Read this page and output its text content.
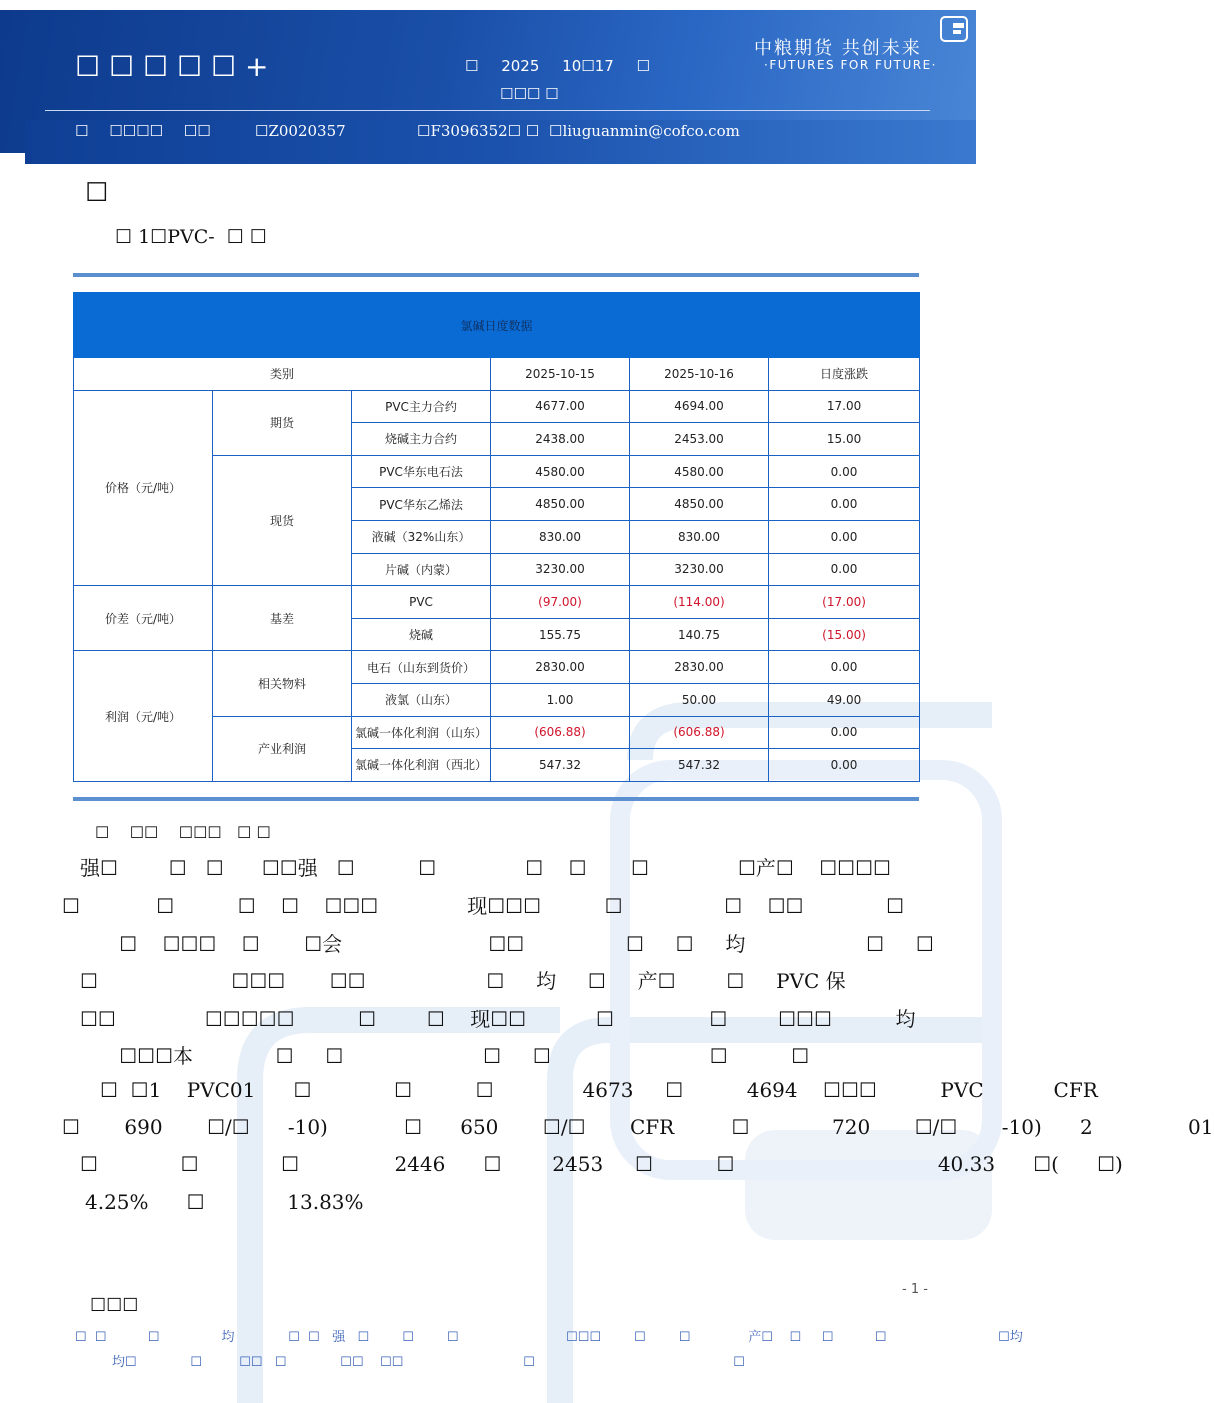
☐ ☐ ☐ ☐ ☐ +	☐ 2025 10☐17 ☐
☐☐☐ ☐
☐ ☐☐☐☐ ☐☐	☐Z0020357	☐F3096352☐ ☐ ☐liuguanmin@cofco.com
中粮期货 共创未来
·FUTURES FOR FUTURE·
☐
☐ 1☐PVC-  ☐ ☐
氯碱日度数据					
类别			2025-10-15	2025-10-16	日度涨跌
价格（元/吨）	期货	PVC主力合约	4677.00	4694.00	17.00
		烧碱主力合约	2438.00	2453.00	15.00
	现货	PVC华东电石法	4580.00	4580.00	0.00
		PVC华东乙烯法	4850.00	4850.00	0.00
		液碱（32%山东）	830.00	830.00	0.00
		片碱（内蒙）	3230.00	3230.00	0.00
价差（元/吨）	基差	PVC	(97.00)	(114.00)	(17.00)
		烧碱	155.75	140.75	(15.00)
利润（元/吨）	相关物料	电石（山东到货价）	2830.00	2830.00	0.00
		液氯（山东）	1.00	50.00	49.00
	产业利润	氯碱一体化利润（山东）	(606.88)	(606.88)	0.00
		氯碱一体化利润（西北）	547.32	547.32	0.00
☐    ☐☐    ☐☐☐   ☐ ☐
强☐        ☐   ☐      ☐☐强   ☐          ☐              ☐    ☐       ☐              ☐产☐    ☐☐☐☐
☐            ☐          ☐    ☐    ☐☐☐              现☐☐☐          ☐                ☐    ☐☐             ☐
☐    ☐☐☐    ☐       ☐会                       ☐☐                ☐     ☐     均                   ☐     ☐
☐                     ☐☐☐       ☐☐                   ☐     均     ☐     产☐        ☐     PVC 保
☐☐              ☐☐☐☐☐          ☐        ☐    现☐☐           ☐               ☐        ☐☐☐          均
☐☐☐本             ☐     ☐                      ☐     ☐                         ☐          ☐
☐  ☐1    PVC01      ☐             ☐          ☐              4673     ☐          4694    ☐☐☐          PVC           CFR
☐       690       ☐/☐      -10)            ☐      650       ☐/☐       CFR         ☐             720       ☐/☐       -10)      2               01
☐             ☐             ☐               2446      ☐        2453     ☐          ☐                                40.33      ☐(      ☐)
4.25%      ☐             13.83%
- 1 -
☐☐☐
☐  ☐          ☐               均             ☐  ☐   强   ☐        ☐        ☐                          ☐☐☐        ☐        ☐              产☐    ☐     ☐          ☐                           ☐均
均☐             ☐         ☐☐   ☐             ☐☐    ☐☐                             ☐                                                ☐
